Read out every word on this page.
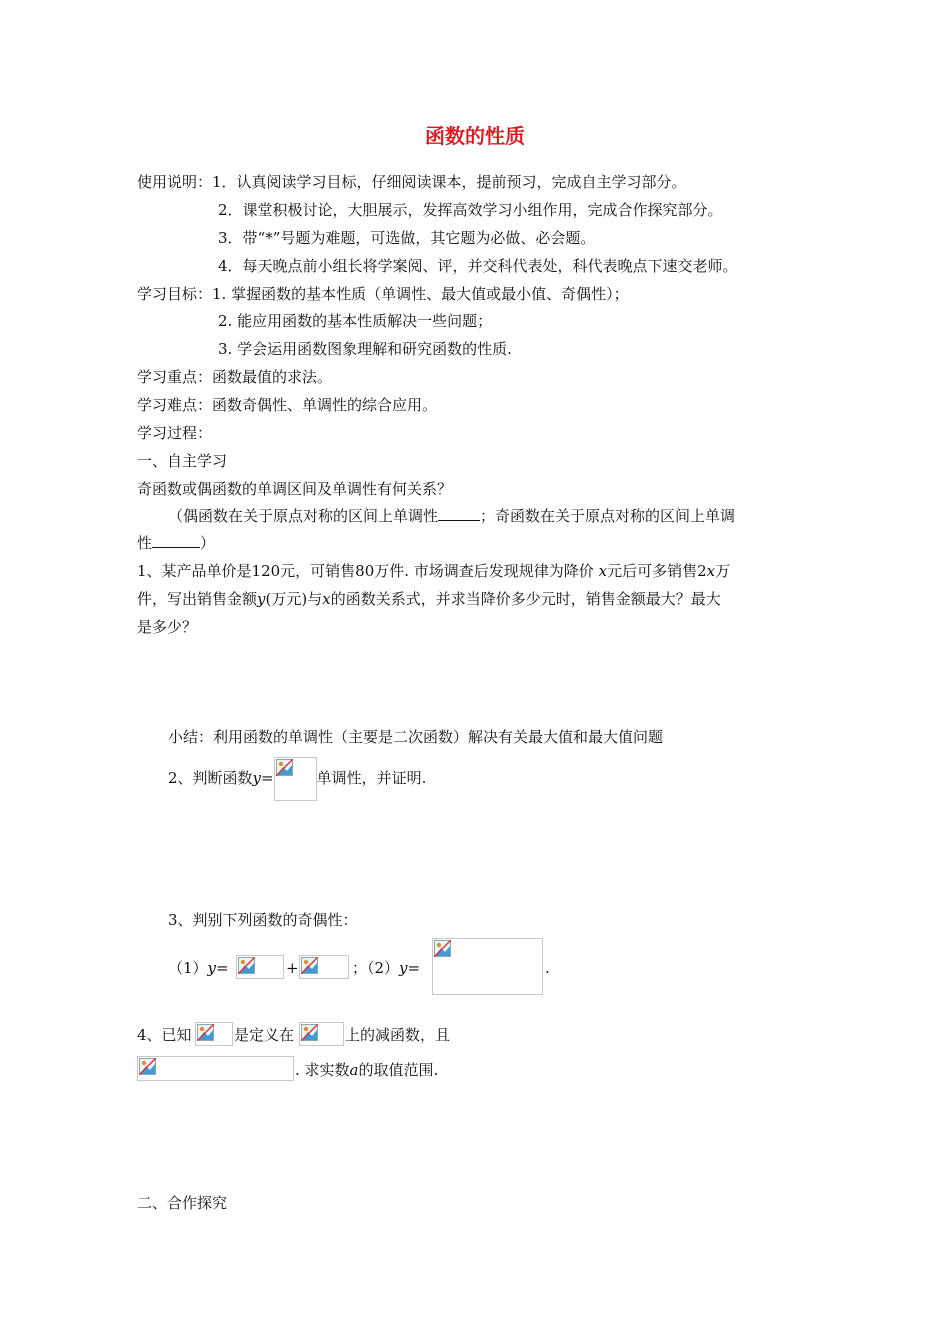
函数的性质
使用说明：1．认真阅读学习目标，仔细阅读课本，提前预习，完成自主学习部分。
2．课堂积极讨论，大胆展示，发挥高效学习小组作用，完成合作探究部分。
3．带“*”号题为难题，可选做，其它题为必做、必会题。
4．每天晚点前小组长将学案阅、评，并交科代表处，科代表晚点下速交老师。
学习目标：1. 掌握函数的基本性质（单调性、最大值或最小值、奇偶性）；
2. 能应用函数的基本性质解决一些问题；
3. 学会运用函数图象理解和研究函数的性质.
学习重点：函数最值的求法。
学习难点：函数奇偶性、单调性的综合应用。
学习过程：
一、自主学习
奇函数或偶函数的单调区间及单调性有何关系？
（偶函数在关于原点对称的区间上单调性	；奇函数在关于原点对称的区间上单调
性	）
1、某产品单价是120元，可销售80万件. 市场调查后发现规律为降价 x元后可多销售2x万
件，写出销售金额y(万元)与x的函数关系式，并求当降价多少元时，销售金额最大？最大
是多少？
小结：利用函数的单调性（主要是二次函数）解决有关最大值和最大值问题
2、判断函数y=	单调性，并证明.
3、判别下列函数的奇偶性：
（1）y=	+	；（2）y=	.
4、已知	是定义在	上的减函数，且
. 求实数a的取值范围.
二、合作探究
